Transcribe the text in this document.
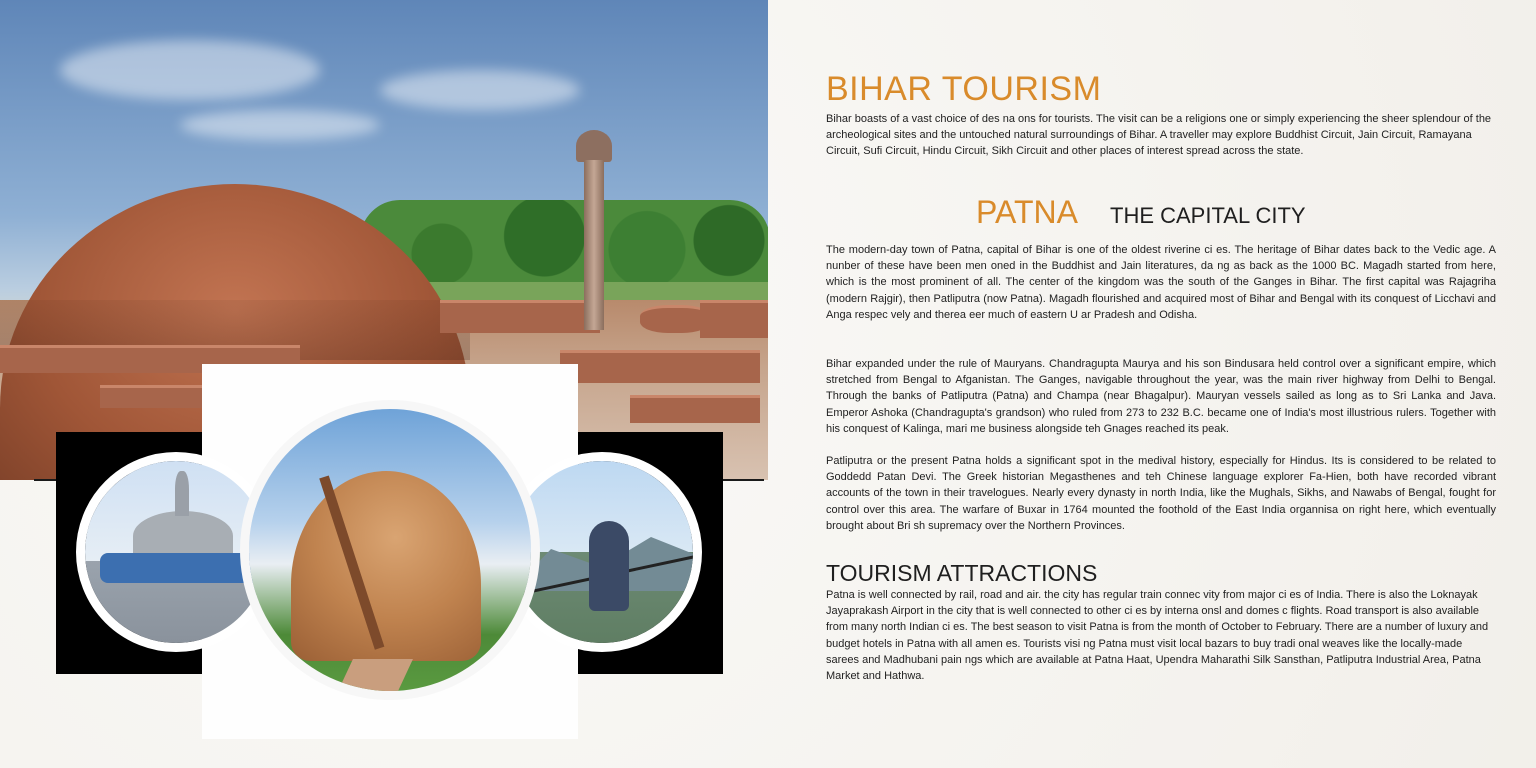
BIHAR TOURISM

Bihar boasts of a vast choice of des na ons for tourists. The visit can be a religions one or simply experiencing the sheer splendour of the archeological sites and the untouched natural surroundings of Bihar. A traveller may explore Buddhist Circuit, Jain Circuit, Ramayana Circuit, Sufi Circuit, Hindu Circuit, Sikh Circuit and other places of interest spread across the state.

PATNA THE CAPITAL CITY

The modern-day town of Patna, capital of Bihar is one of the oldest riverine ci es. The heritage of Bihar dates back to the Vedic age. A nunber of these have been men oned in the Buddhist and Jain literatures, da ng as back as the 1000 BC. Magadh started from here, which is the most prominent of all. The center of the kingdom was the south of the Ganges in Bihar. The first capital was Rajagriha (modern Rajgir), then Patliputra (now Patna). Magadh flourished and acquired most of Bihar and Bengal with its conquest of Licchavi and Anga respec vely and therea eer much of eastern U ar Pradesh and Odisha.

Bihar expanded under the rule of Mauryans. Chandragupta Maurya and his son Bindusara held control over a significant empire, which stretched from Bengal to Afganistan. The Ganges, navigable throughout the year, was the main river highway from Delhi to Bengal. Through the banks of Patliputra (Patna) and Champa (near Bhagalpur). Mauryan vessels sailed as long as to Sri Lanka and Java. Emperor Ashoka (Chandragupta's grandson) who ruled from 273 to 232 B.C. became one of India's most illustrious rulers. Together with his conquest of Kalinga, mari me business alongside teh Gnages reached its peak.

Patliputra or the present Patna holds a significant spot in the medival history, especially for Hindus. Its is considered to be related to Goddedd Patan Devi. The Greek historian Megasthenes and teh Chinese language explorer Fa-Hien, both have recorded vibrant accounts of the town in their travelogues. Nearly every dynasty in north India, like the Mughals, Sikhs, and Nawabs of Bengal, fought for control over this area. The warfare of Buxar in 1764 mounted the foothold of the East India organnisa on right here, which eventually brought about Bri sh supremacy over the Northern Provinces.

TOURISM ATTRACTIONS

Patna is well connected by rail, road and air. the city has regular train connec vity from major ci es of India. There is also the Loknayak Jayaprakash Airport in the city that is well connected to other ci es by interna onsl and domes c flights. Road transport is also available from many north Indian ci es. The best season to visit Patna is from the month of October to February. There are a number of luxury and budget hotels in Patna with all amen es. Tourists visi ng Patna must visit local bazars to buy tradi onal weaves like the locally-made sarees and Madhubani pain ngs which are available at Patna Haat, Upendra Maharathi Silk Sansthan, Patliputra Industrial Area, Patna Market and Hathwa.
